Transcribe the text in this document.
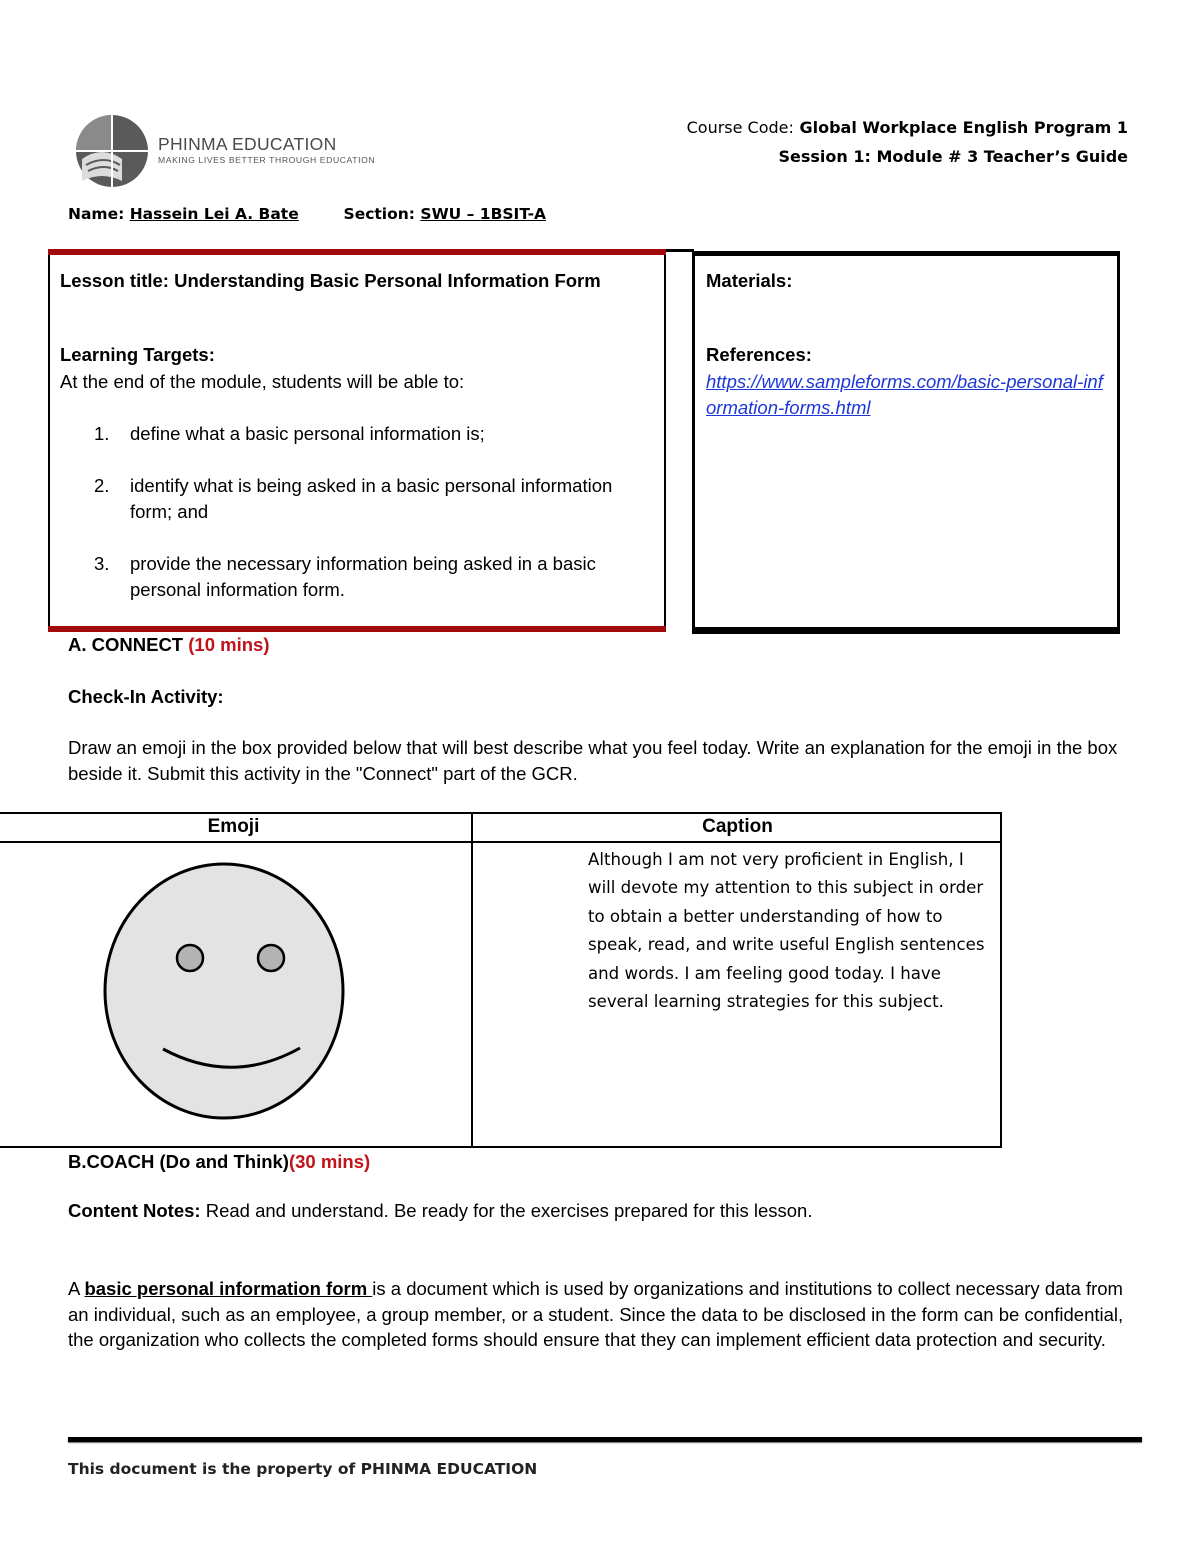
PHINMA EDUCATION
MAKING LIVES BETTER THROUGH EDUCATION
Course Code: Global Workplace English Program 1
Session 1: Module # 3 Teacher’s Guide
Name: Hassein Lei A. Bate	Section: SWU – 1BSIT-A
Lesson title: Understanding Basic Personal Information Form
Learning Targets:
At the end of the module, students will be able to:
1. define what a basic personal information is;
2. identify what is being asked in a basic personal information form; and
3. provide the necessary information being asked in a basic personal information form.
Materials:
References:
https://www.sampleforms.com/basic-personal-information-forms.html
A. CONNECT (10 mins)
Check-In Activity:
Draw an emoji in the box provided below that will best describe what you feel today. Write an explanation for the emoji in the box beside it. Submit this activity in the "Connect" part of the GCR.
Emoji	Caption
Although I am not very proficient in English, I will devote my attention to this subject in order to obtain a better understanding of how to speak, read, and write useful English sentences and words. I am feeling good today. I have several learning strategies for this subject.
B.COACH (Do and Think)(30 mins)
Content Notes: Read and understand. Be ready for the exercises prepared for this lesson.
A basic personal information form is a document which is used by organizations and institutions to collect necessary data from an individual, such as an employee, a group member, or a student. Since the data to be disclosed in the form can be confidential, the organization who collects the completed forms should ensure that they can implement efficient data protection and security.
This document is the property of PHINMA EDUCATION
